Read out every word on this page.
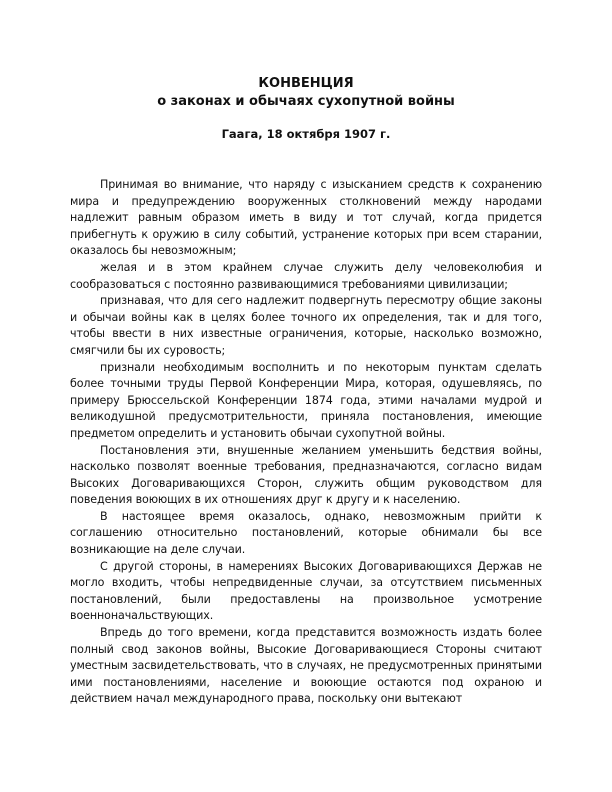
КОНВЕНЦИЯ
о законах и обычаях сухопутной войны
Гаага, 18 октября 1907 г.

Принимая во внимание, что наряду с изысканием средств к сохранению мира и предупреждению вооруженных столкновений между народами надлежит равным образом иметь в виду и тот случай, когда придется прибегнуть к оружию в силу событий, устранение которых при всем старании, оказалось бы невозможным;

желая и в этом крайнем случае служить делу человеколюбия и сообразоваться с постоянно развивающимися требованиями цивилизации;

признавая, что для сего надлежит подвергнуть пересмотру общие законы и обычаи войны как в целях более точного их определения, так и для того, чтобы ввести в них известные ограничения, которые, насколько возможно, смягчили бы их суровость;

признали необходимым восполнить и по некоторым пунктам сделать более точными труды Первой Конференции Мира, которая, одушевляясь, по примеру Брюссельской Конференции 1874 года, этими началами мудрой и великодушной предусмотрительности, приняла постановления, имеющие предметом определить и установить обычаи сухопутной войны.

Постановления эти, внушенные желанием уменьшить бедствия войны, насколько позволят военные требования, предназначаются, согласно видам Высоких Договаривающихся Сторон, служить общим руководством для поведения воюющих в их отношениях друг к другу и к населению.

В настоящее время оказалось, однако, невозможным прийти к соглашению относительно постановлений, которые обнимали бы все возникающие на деле случаи.

С другой стороны, в намерениях Высоких Договаривающихся Держав не могло входить, чтобы непредвиденные случаи, за отсутствием письменных постановлений, были предоставлены на произвольное усмотрение военноначальствующих.

Впредь до того времени, когда представится возможность издать более полный свод законов войны, Высокие Договаривающиеся Стороны считают уместным засвидетельствовать, что в случаях, не предусмотренных принятыми ими постановлениями, население и воюющие остаются под охраною и действием начал международного права, поскольку они вытекают
